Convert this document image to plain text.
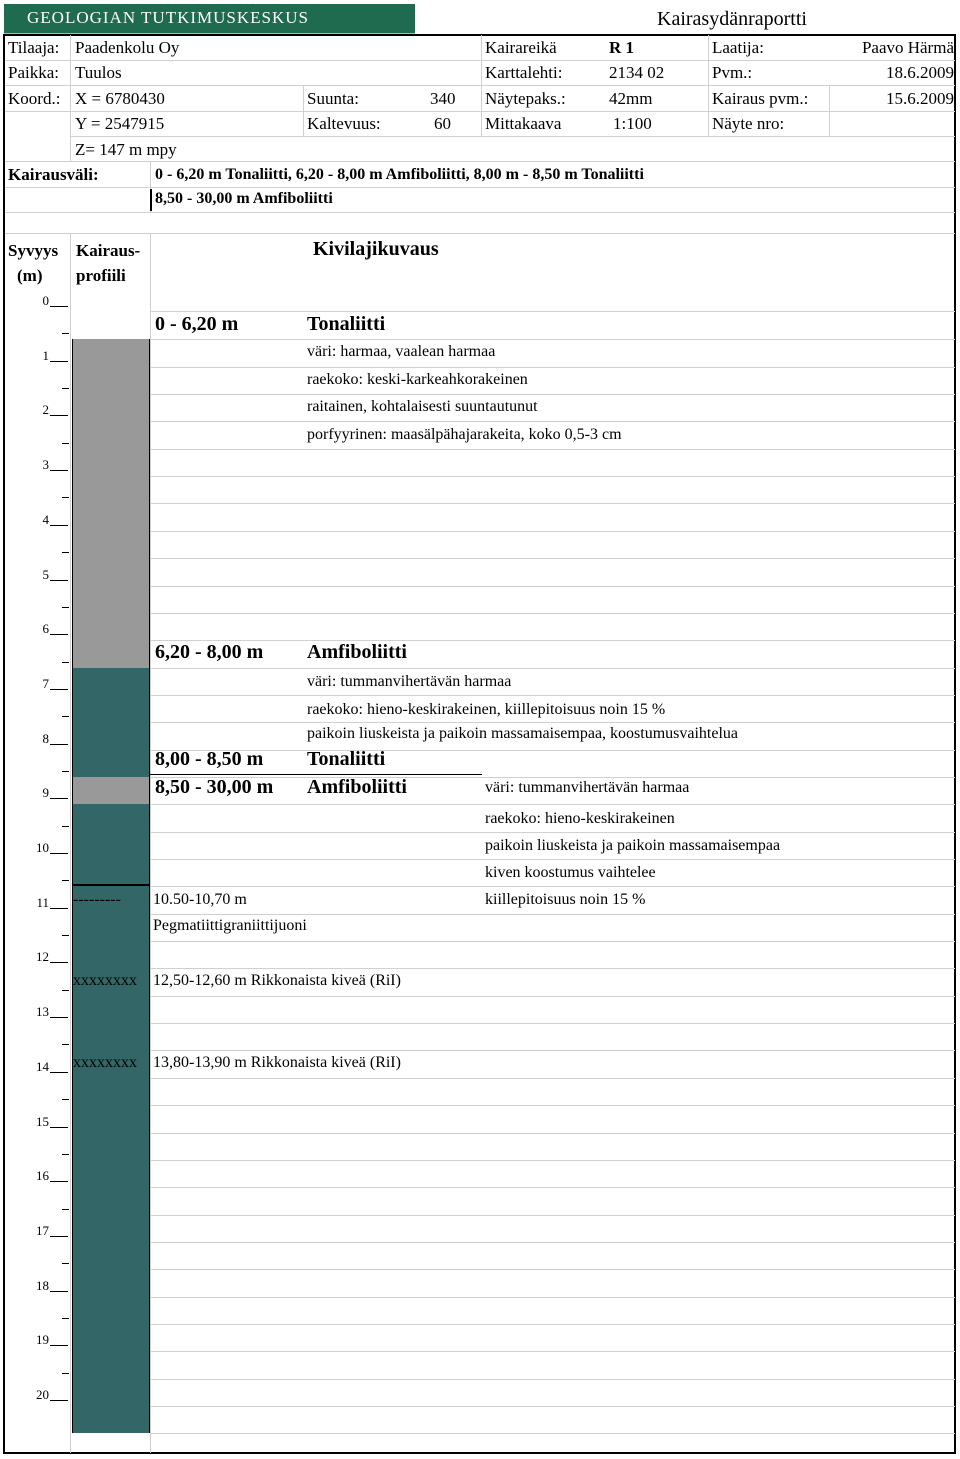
GEOLOGIAN TUTKIMUSKESKUS	Kairasydänraportti
Tilaaja: Paadenkolu Oy	Kairareikä	R 1	Laatija:	Paavo Härmä
Paikka: Tuulos	Karttalehti:	2134 02	Pvm.:	18.6.2009
Koord.: X = 6780430	Suunta:	340 Näytepaks.:	42mm	Kairaus pvm.:	15.6.2009
Y = 2547915	Kaltevuus:	60 Mittakaava	1:100	Näyte nro:
Z= 147 m mpy
Kairausväli:	0 - 6,20 m Tonaliitti, 6,20 - 8,00 m Amfiboliitti, 8,00 m - 8,50 m Tonaliitti
8,50 - 30,00 m Amfiboliitti
Syvyys
(m)
Kairaus-
profiili
Kivilajikuvaus
0
1
2
3
4
5
6
7
8
9
10
11
12
13
14
15
16
17
18
19
20
0 - 6,20 m	Tonaliitti
väri: harmaa, vaalean harmaa
raekoko: keski-karkeahkorakeinen
raitainen, kohtalaisesti suuntautunut
porfyyrinen: maasälpähajarakeita, koko 0,5-3 cm
6,20 - 8,00 m Amfiboliitti
väri: tummanvihertävän harmaa
raekoko: hieno-keskirakeinen, kiillepitoisuus noin 15 %
paikoin liuskeista ja paikoin massamaisempaa, koostumusvaihtelua
8,00 - 8,50 m Tonaliitti
8,50 - 30,00 m Amfiboliitti	väri: tummanvihertävän harmaa
raekoko: hieno-keskirakeinen
paikoin liuskeista ja paikoin massamaisempaa
kiven koostumus vaihtelee
kiillepitoisuus noin 15 %
---------	10.50-10,70 m
Pegmatiittigraniittijuoni
xxxxxxxx	12,50-12,60 m Rikkonaista kiveä (RiI)
xxxxxxxx	13,80-13,90 m Rikkonaista kiveä (RiI)
